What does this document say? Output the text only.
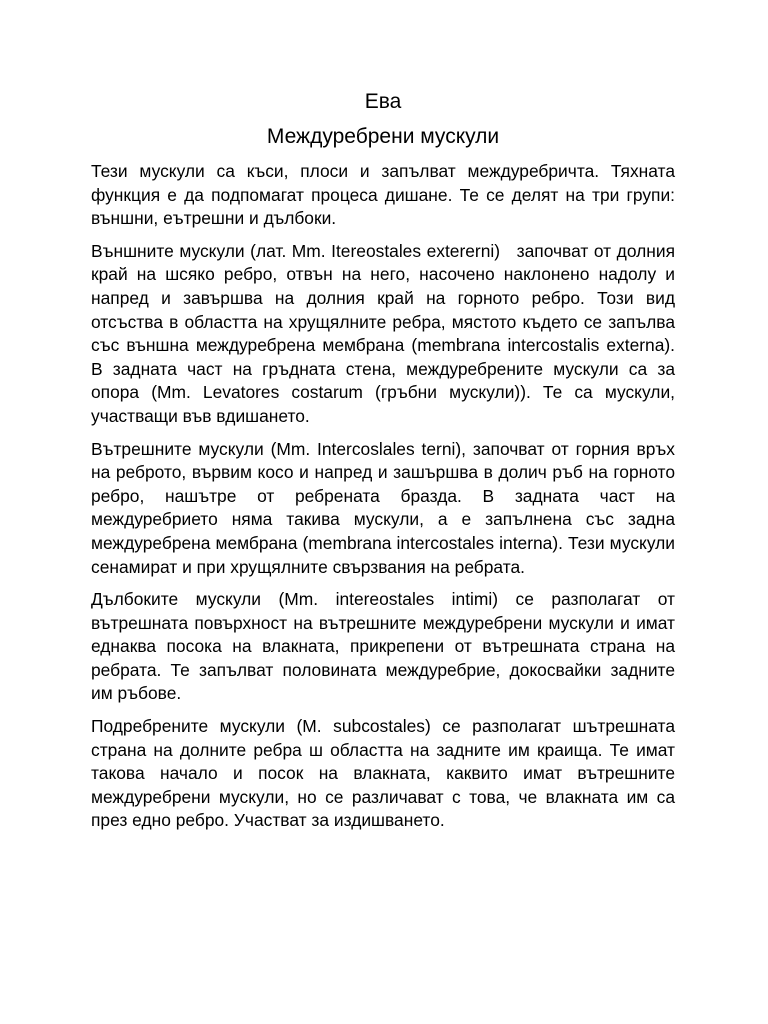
Ева
Междуребрени мускули

Тези мускули са къси, плоси и запълват междуребричта. Тяхната функция е да подпомагат процеса дишане. Те се делят на три групи: външни, еътрешни и дълбоки.

Външните мускули (лат. Mm. Itereostales extererni)   започват от долния край на шсяко ребро, отвън на него, насочено наклонено надолу и напред и завършва на долния край на горното ребро. Този вид отсъства в областта на хрущялните ребра, мястото където се запълва със външна междуребрена мембрана (membrana intercostalis externa). В задната част на гръдната стена, междуребрените мускули са за опора (Mm. Levatores costarum (гръбни мускули)). Те са мускули, участващи във вдишането.

Вътрешните мускули (Mm. Intercoslales terni), започват от горния връх на реброто, вървим косо и напред и зашършва в долич ръб на горното ребро, нашътре от ребрената бразда. В задната част на междуребрието няма такива мускули, а е запълнена със задна междуребрена мембрана (membrana intercostales interna). Тези мускули сенамират и при хрущялните свързвания на ребрата.

Дълбоките мускули (Mm. intereostales intimi) се разполагат от вътрешната повърхност на вътрешните междуребрени мускули и имат еднаква посока на влакната, прикрепени от вътрешната страна на ребрата. Те запълват половината междуребрие, докосвайки задните им ръбове.

Подребрените мускули (M. subcostales) се разполагат шътрешната страна на долните ребра ш областта на задните им краища. Те имат такова начало и посок на влакната, каквито имат вътрешните междуребрени мускули, но се различават с това, че влакната им са през едно ребро. Участват за издишването.
